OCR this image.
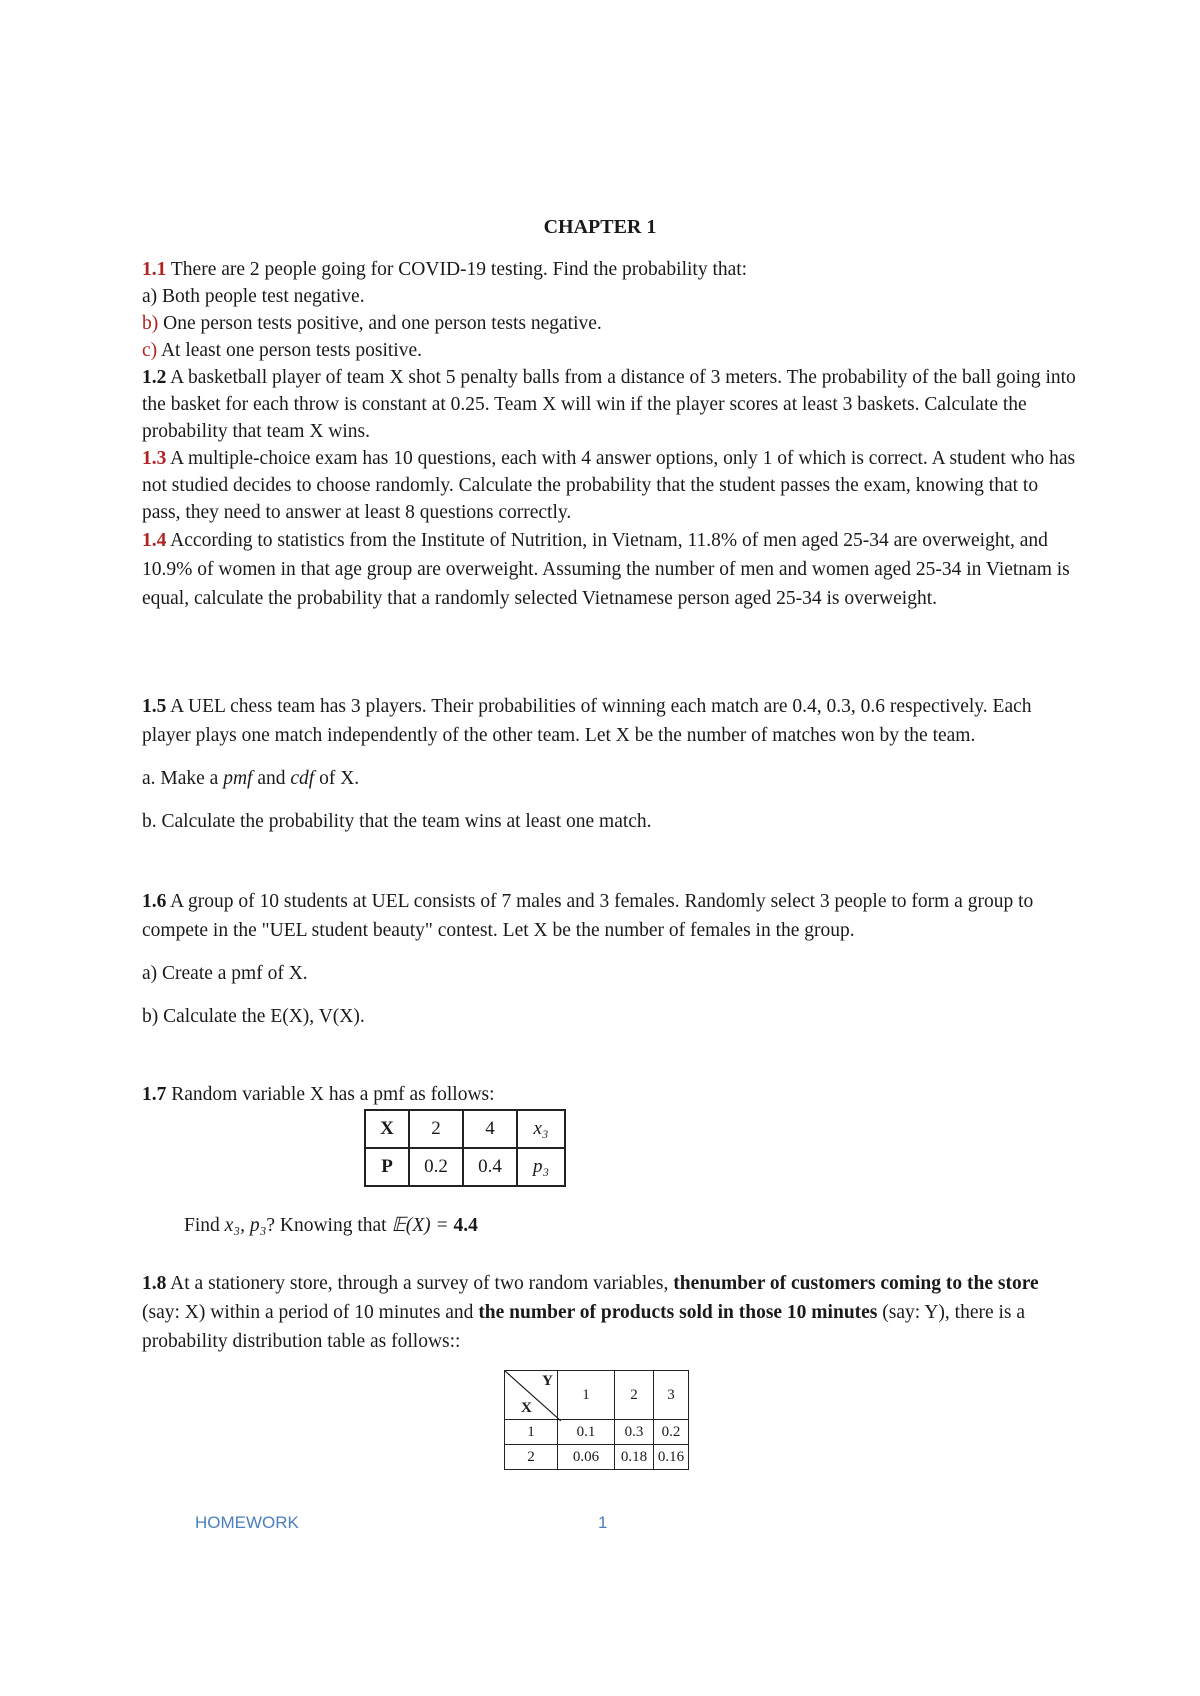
CHAPTER 1

1.1 There are 2 people going for COVID-19 testing. Find the probability that:

a) Both people test negative.

b) One person tests positive, and one person tests negative.

c) At least one person tests positive.

1.2 A basketball player of team X shot 5 penalty balls from a distance of 3 meters. The probability of the ball going into the basket for each throw is constant at 0.25. Team X will win if the player scores at least 3 baskets. Calculate the probability that team X wins.

1.3 A multiple-choice exam has 10 questions, each with 4 answer options, only 1 of which is correct. A student who has not studied decides to choose randomly. Calculate the probability that the student passes the exam, knowing that to pass, they need to answer at least 8 questions correctly.

1.4 According to statistics from the Institute of Nutrition, in Vietnam, 11.8% of men aged 25-34 are overweight, and 10.9% of women in that age group are overweight. Assuming the number of men and women aged 25-34 in Vietnam is equal, calculate the probability that a randomly selected Vietnamese person aged 25-34 is overweight.

1.5 A UEL chess team has 3 players. Their probabilities of winning each match are 0.4, 0.3, 0.6 respectively. Each player plays one match independently of the other team. Let X be the number of matches won by the team.

a. Make a pmf and cdf of X.

b. Calculate the probability that the team wins at least one match.

1.6 A group of 10 students at UEL consists of 7 males and 3 females. Randomly select 3 people to form a group to compete in the "UEL student beauty" contest. Let X be the number of females in the group.

a) Create a pmf of X.

b) Calculate the E(X), V(X).

1.7 Random variable X has a pmf as follows:

X	2	4	x₃
P	0.2	0.4	p₃
Find x₃, p₃? Knowing that 𝔼(X) = 4.4

1.8 At a stationery store, through a survey of two random variables, thenumber of customers coming to the store (say: X) within a period of 10 minutes and the number of products sold in those 10 minutes (say: Y), there is a probability distribution table as follows::

Y
X	1	2	3
1	0.1	0.3	0.2
2	0.06	0.18	0.16
HOMEWORK	1
